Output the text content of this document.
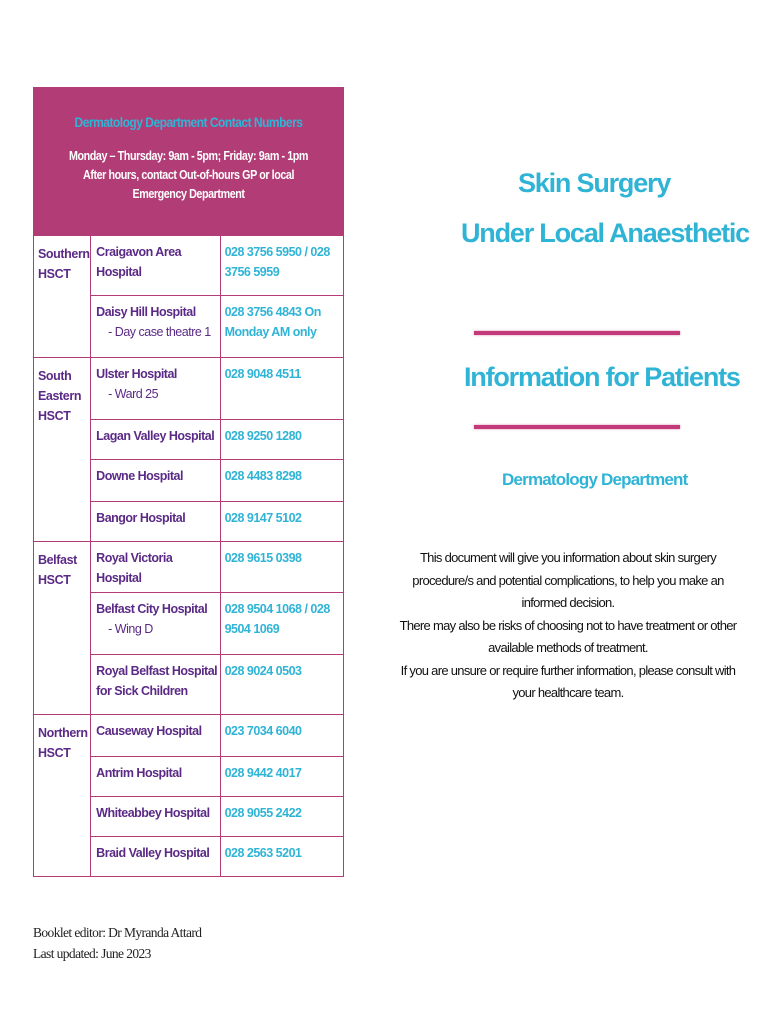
Dermatology Department Contact Numbers
Monday – Thursday: 9am - 5pm; Friday: 9am - 1pm
After hours, contact Out-of-hours GP or local Emergency Department		

Southern HSCT	Craigavon Area Hospital	028 3756 5950 / 028 3756 5959

	Daisy Hill Hospital
- Day case theatre 1	028 3756 4843 On Monday AM only
South Eastern HSCT	Ulster Hospital
- Ward 25	028 9048 4511

	Lagan Valley Hospital	028 9250 1280

	Downe Hospital	028 4483 8298

	Bangor Hospital	028 9147 5102
Belfast HSCT	Royal Victoria Hospital	028 9615 0398

	Belfast City Hospital
- Wing D	028 9504 1068 / 028 9504 1069

	Royal Belfast Hospital for Sick Children	028 9024 0503
Northern HSCT	Causeway Hospital	023 7034 6040

	Antrim Hospital	028 9442 4017

	Whiteabbey Hospital	028 9055 2422

	Braid Valley Hospital	028 2563 5201
Skin Surgery
Under Local Anaesthetic
Information for Patients
Dermatology Department

This document will give you information about skin surgery procedure/s and potential complications, to help you make an informed decision.

There may also be risks of choosing not to have treatment or other available methods of treatment.

If you are unsure or require further information, please consult with your healthcare team.

Booklet editor: Dr Myranda Attard
Last updated: June 2023
